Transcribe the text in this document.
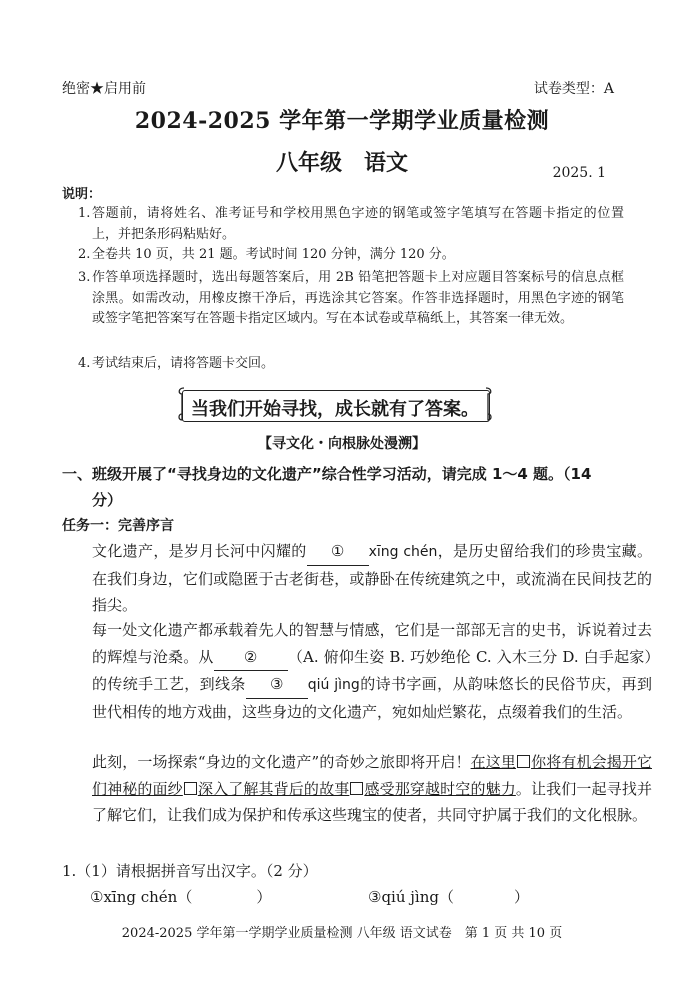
绝密★启用前	试卷类型：A
2024-2025 学年第一学期学业质量检测
八年级　语文	2025. 1
说明：
1. 答题前，请将姓名、准考证号和学校用黑色字迹的钢笔或签字笔填写在答题卡指定的位置上，并把条形码粘贴好。
2. 全卷共 10 页，共 21 题。考试时间 120 分钟，满分 120 分。
3. 作答单项选择题时，选出每题答案后，用 2B 铅笔把答题卡上对应题目答案标号的信息点框涂黑。如需改动，用橡皮擦干净后，再选涂其它答案。作答非选择题时，用黑色字迹的钢笔或签字笔把答案写在答题卡指定区域内。写在本试卷或草稿纸上，其答案一律无效。
4. 考试结束后，请将答题卡交回。
当我们开始寻找，成长就有了答案。
【寻文化・向根脉处漫溯】
一、班级开展了“寻找身边的文化遗产”综合性学习活动，请完成 1～4 题。（14
分）
任务一：完善序言
文化遗产，是岁月长河中闪耀的 ① xīng chén，是历史留给我们的珍贵宝藏。在我们身边，它们或隐匿于古老街巷，或静卧在传统建筑之中，或流淌在民间技艺的指尖。
每一处文化遗产都承载着先人的智慧与情感，它们是一部部无言的史书，诉说着过去的辉煌与沧桑。从 ② （A. 俯仰生姿 B. 巧妙绝伦 C. 入木三分 D. 白手起家）的传统手工艺，到线条 ③ qiú jìng的诗书字画，从韵味悠长的民俗节庆，再到世代相传的地方戏曲，这些身边的文化遗产，宛如灿烂繁花，点缀着我们的生活。
此刻，一场探索“身边的文化遗产”的奇妙之旅即将开启！在这里 你将有机会揭开它们神秘的面纱 深入了解其背后的故事 感受那穿越时空的魅力。让我们一起寻找并了解它们，让我们成为保护和传承这些瑰宝的使者，共同守护属于我们的文化根脉。
1.（1）请根据拼音写出汉字。（2 分）
①xīng chén（	）	③qiú jìng（	）
2024-2025 学年第一学期学业质量检测 八年级 语文试卷　第 1 页 共 10 页
